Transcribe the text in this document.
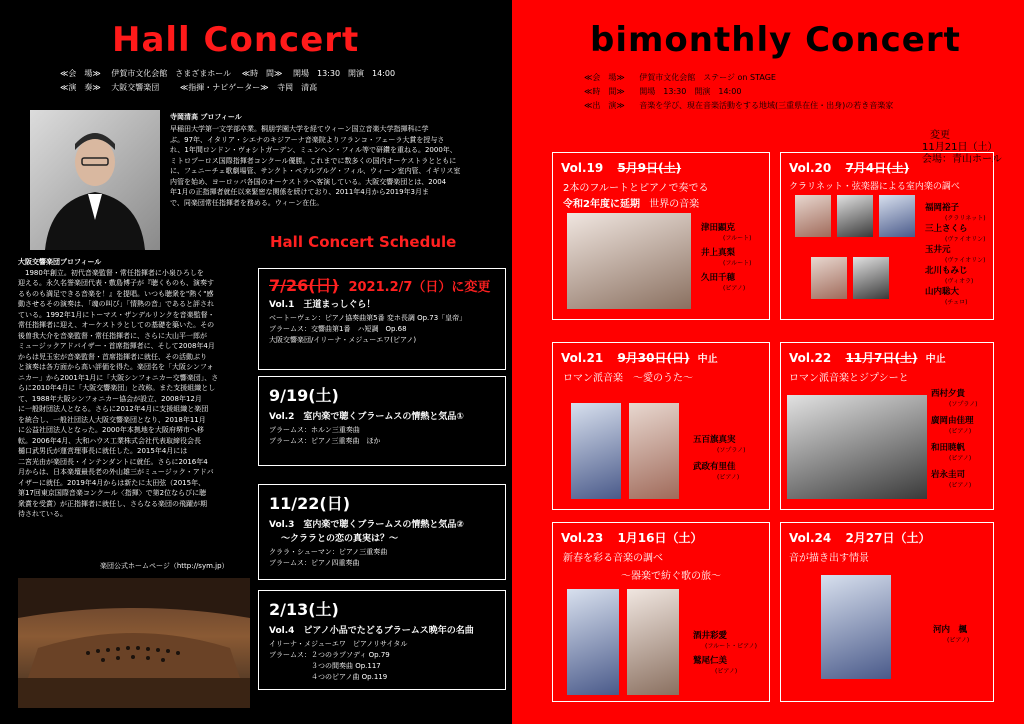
Hall Concert
≪会　場≫ 伊賀市文化会館　さまざまホール ≪時　間≫ 開場　13:30　開演　14:00
≪演　奏≫ 大阪交響楽団	≪指揮・ナビゲーター≫ 寺岡　清高
寺岡清高 プロフィール
早稲田大学第一文学部卒業。桐朋学園大学を経てウィーン国立音楽大学指揮科に学
ぶ。97年、イタリア・シエナのキジアーナ音楽院よりフランコ・フェーラ大賞を授与さ
れ、1年間ロンドン・ヴォシトガーデン、ミュンヘン・フィル等で研鑽を重ねる。2000年、
ミトロプーロス国際指揮者コンクール優勝。これまでに数多くの国内オーケストラとともに
に、フェニーチェ歌劇場管、サンクト・ペテルブルグ・フィル、ウィーン室内管、イギリス室
内管を始め、ヨーロッパ各国のオーケストラへ客演している。大阪交響楽団とは、2004
年1月の正指揮者就任以来緊密な関係を続けており、2011年4月から2019年3月ま
で、同楽団常任指揮者を務める。ウィーン在住。
Hall Concert Schedule
大阪交響楽団プロフィール
　1980年創立。初代音楽監督・常任指揮者に小泉ひろしを
迎える。永久名誉楽団代表・敷島博子が『聴くものも、演奏す
るものも満足できる音楽を！』を提唱。いつも聴衆を"熱く"感
動させるその演奏は、「魂の叫び」「情熱の音」であると評され
ている。1992年1月にトーマス・ザンデルリンクを音楽監督・
常任指揮者に迎え、オーケストラとしての基礎を築いた。その
後曽我大介を音楽監督・常任指揮者に、さらに大山平一郎が
ミュージックアドバイザー・首席指揮者に、そして2008年4月
からは児玉宏が音楽監督・首席指揮者に就任、その活動ぶり
と演奏は各方面から高い評価を得た。楽団名を「大阪シンフォ
ニカー」から2001年1月に「大阪シンフォニカー交響楽団」、さ
らに2010年4月に「大阪交響楽団」と改称。また支援組織とし
て、1988年大阪シンフォニカー協会が設立、2008年12月
に一般財団法人となる。さらに2012年4月に支援組織と楽団
を統合し、一般社団法人大阪交響楽団となり、2018年11月
に公益社団法人となった。2000年本拠地を大阪府堺市へ移
転。2006年4月、大和ハウス工業株式会社代表取締役会長
樋口武男氏が運営理事長に就任した。2015年4月には
二宮光由が楽団長・インテンダントに就任。さらに2016年4
月からは、日本楽壇最長老の外山雄三がミュージック・アドバ
イザーに就任。2019年4月からは新たに太田弦（2015年、
第17回東京国際音楽コンクール〈指揮〉で第2位ならびに聴
衆賞を受賞）が正指揮者に就任し、さらなる楽団の飛躍が期
待されている。
楽団公式ホームページ（http://sym.jp）
7/26(日) 2021.2/7（日）に変更
Vol.1　王道まっしぐら！
ベートーヴェン：ピアノ協奏曲第5番 変ホ長調 Op.73「皇帝」
ブラームス：交響曲第1番　ハ短調　Op.68
大阪交響楽団/イリーナ・メジューエワ(ピアノ)
9/19(土)
Vol.2　室内楽で聴くブラームスの情熱と気品①
ブラームス：ホルン三重奏曲
ブラームス：ピアノ三重奏曲　ほか
11/22(日)
Vol.3　室内楽で聴くブラームスの情熱と気品②
～クララとの恋の真実は？～
クララ・シューマン：ピアノ三重奏曲
ブラームス：ピアノ四重奏曲
2/13(土)
Vol.4　ピアノ小品でたどるブラームス晩年の名曲
イリーナ・メジューエワ　ピアノリサイタル
ブラームス：２つのラプソディ Op.79
　　　　　　３つの間奏曲 Op.117
　　　　　　４つのピアノ曲 Op.119
bimonthly Concert
≪会　場≫ 伊賀市文化会館　ステージ on STAGE
≪時　間≫ 開場　13:30　開演　14:00
≪出　演≫ 音楽を学び、現在音楽活動をする地域(三重県在住・出身)の若き音楽家
変更
11月21日（土）
会場：青山ホール
Vol.19 5月9日(土)
2本のフルートとピアノで奏でる
令和2年度に延期 世界の音楽
津田顕克
(フルート)
井上真梨
(フルート)
久田千穂
(ピアノ)
Vol.20 7月4日(土)
クラリネット・弦楽器による室内楽の調べ
福岡裕子
(クラリネット)
三上さくら
(ヴァイオリン)
玉井元
(ヴァイオリン)
北川もみじ
(ヴィオラ)
山内聡大
(チェロ)
Vol.21 9月30日(日) 中止
ロマン派音楽　～愛のうた～
五百旗真実
(ソプラノ)
武政有里佳
(ピアノ)
Vol.22 11月7日(土) 中止
ロマン派音楽とジプシーと
西村夕貴
(ソプラノ)
廣岡由佳理
(ピアノ)
和田暁帆
(ピアノ)
岩永圭司
(ピアノ)
Vol.23 1月16日（土）
新春を彩る音楽の調べ
～器楽で紡ぐ歌の旅～
酒井彩愛
(フルート・ピアノ)
鷲尾仁美
(ピアノ)
Vol.24 2月27日（土）
音が描き出す情景
河内　楓
(ピアノ)
